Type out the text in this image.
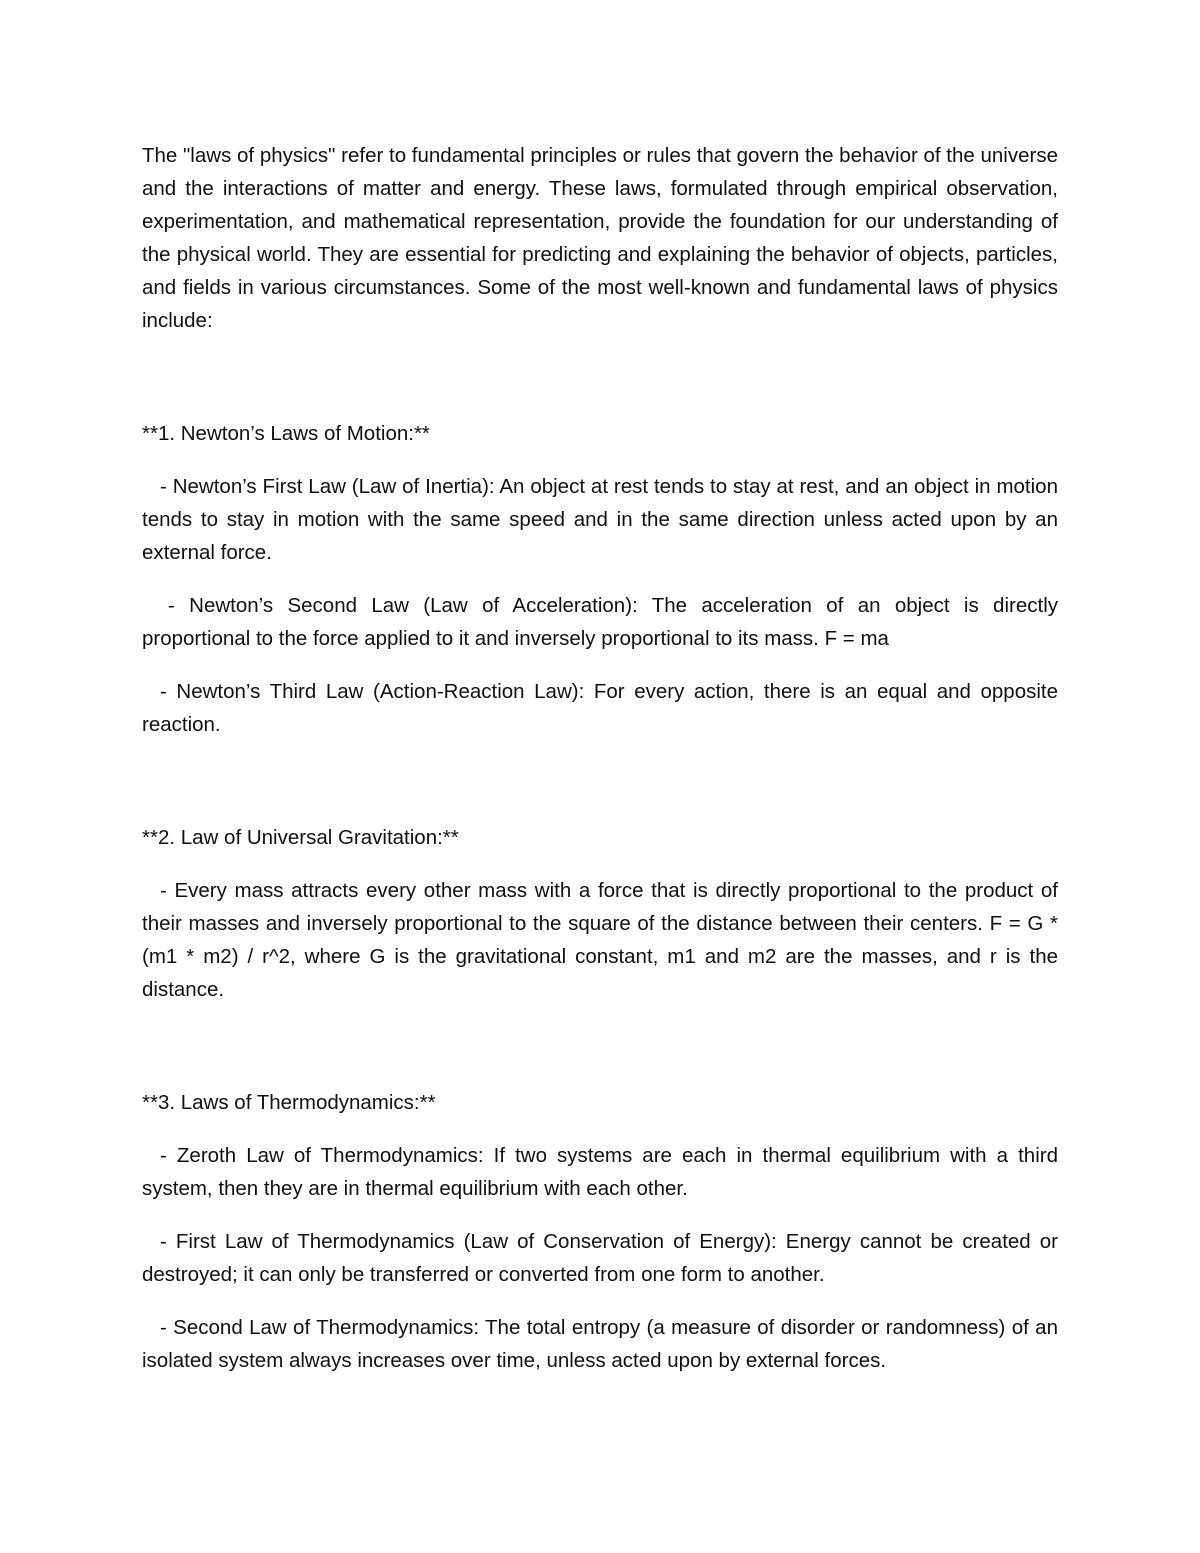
The "laws of physics" refer to fundamental principles or rules that govern the behavior of the universe and the interactions of matter and energy. These laws, formulated through empirical observation, experimentation, and mathematical representation, provide the foundation for our understanding of the physical world. They are essential for predicting and explaining the behavior of objects, particles, and fields in various circumstances. Some of the most well-known and fundamental laws of physics include:

**1. Newton’s Laws of Motion:**

- Newton’s First Law (Law of Inertia): An object at rest tends to stay at rest, and an object in motion tends to stay in motion with the same speed and in the same direction unless acted upon by an external force.

- Newton’s Second Law (Law of Acceleration): The acceleration of an object is directly proportional to the force applied to it and inversely proportional to its mass. F = ma

- Newton’s Third Law (Action-Reaction Law): For every action, there is an equal and opposite reaction.

**2. Law of Universal Gravitation:**

- Every mass attracts every other mass with a force that is directly proportional to the product of their masses and inversely proportional to the square of the distance between their centers. F = G * (m1 * m2) / r^2, where G is the gravitational constant, m1 and m2 are the masses, and r is the distance.

**3. Laws of Thermodynamics:**

- Zeroth Law of Thermodynamics: If two systems are each in thermal equilibrium with a third system, then they are in thermal equilibrium with each other.

- First Law of Thermodynamics (Law of Conservation of Energy): Energy cannot be created or destroyed; it can only be transferred or converted from one form to another.

- Second Law of Thermodynamics: The total entropy (a measure of disorder or randomness) of an isolated system always increases over time, unless acted upon by external forces.
